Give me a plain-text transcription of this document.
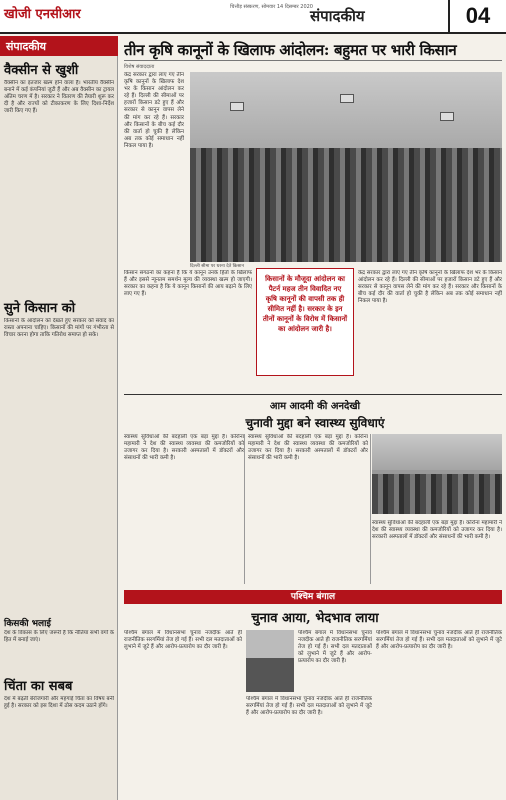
खोजी एनसीआर	चित्तौड़ संस्करण, सोमवार 14 दिसम्बर 2020
संपादकीय	04
संपादकीय
वैक्सीन से खुशी
वैक्सीन का इंतजार खत्म होने वाला है। भारतीय वैक्सीन बनाने में कई कंपनियां जुटी हैं और अब वैक्सीन का ट्रायल अंतिम चरण में है। सरकार ने वितरण की तैयारी शुरू कर दी है और राज्यों को टीकाकरण के लिए दिशा-निर्देश जारी किए गए हैं।
सुने किसान को
किसानों के आंदोलन को देखते हुए सरकार को संवाद का रास्ता अपनाना चाहिए। किसानों की मांगों पर गंभीरता से विचार करना होगा ताकि गतिरोध समाप्त हो सके।
किसकी भलाई
देश के विकास के लिए जरूरी है कि नीतियां सभी वर्गों के हित में बनाई जाएं।
चिंता का सबब
देश में बढ़ती बेरोजगारी और महंगाई चिंता का विषय बनी हुई है। सरकार को इस दिशा में ठोस कदम उठाने होंगे।
तीन कृषि कानूनों के खिलाफ आंदोलन: बहुमत पर भारी किसान
विशेष संवाददाता
केंद्र सरकार द्वारा लाए गए तीन कृषि कानूनों के खिलाफ देश भर के किसान आंदोलन कर रहे हैं। दिल्ली की सीमाओं पर हजारों किसान डटे हुए हैं और सरकार से कानून वापस लेने की मांग कर रहे हैं। सरकार और किसानों के बीच कई दौर की वार्ता हो चुकी है लेकिन अब तक कोई समाधान नहीं निकल पाया है।
दिल्ली सीमा पर धरना देते किसान
किसान संगठनों का कहना है कि ये कानून उनके हितों के खिलाफ हैं और इससे न्यूनतम समर्थन मूल्य की व्यवस्था खत्म हो जाएगी। सरकार का कहना है कि ये कानून किसानों की आय बढ़ाने के लिए लाए गए हैं।
किसानों के मौजूदा आंदोलन का पैटर्न महज तीन विवादित नए कृषि कानूनों की वापसी तक ही सीमित नहीं है। सरकार के इन तीनों कानूनों के विरोध में किसानों का आंदोलन जारी है।
केंद्र सरकार द्वारा लाए गए तीन कृषि कानूनों के खिलाफ देश भर के किसान आंदोलन कर रहे हैं। दिल्ली की सीमाओं पर हजारों किसान डटे हुए हैं और सरकार से कानून वापस लेने की मांग कर रहे हैं। सरकार और किसानों के बीच कई दौर की वार्ता हो चुकी है लेकिन अब तक कोई समाधान नहीं निकल पाया है।
आम आदमी की अनदेखी
चुनावी मुद्दा बने स्वास्थ्य सुविधाएं
स्वास्थ्य सुविधाओं की बदहाली एक बड़ा मुद्दा है। कोरोना महामारी ने देश की स्वास्थ्य व्यवस्था की कमजोरियों को उजागर कर दिया है। सरकारी अस्पतालों में डॉक्टरों और संसाधनों की भारी कमी है।
स्वास्थ्य सुविधाओं की बदहाली एक बड़ा मुद्दा है। कोरोना महामारी ने देश की स्वास्थ्य व्यवस्था की कमजोरियों को उजागर कर दिया है। सरकारी अस्पतालों में डॉक्टरों और संसाधनों की भारी कमी है।
स्वास्थ्य सुविधाओं की बदहाली एक बड़ा मुद्दा है। कोरोना महामारी ने देश की स्वास्थ्य व्यवस्था की कमजोरियों को उजागर कर दिया है। सरकारी अस्पतालों में डॉक्टरों और संसाधनों की भारी कमी है।
पश्चिम बंगाल
चुनाव आया, भेदभाव लाया
पश्चिम बंगाल में विधानसभा चुनाव नजदीक आते ही राजनीतिक सरगर्मियां तेज हो गई हैं। सभी दल मतदाताओं को लुभाने में जुटे हैं और आरोप-प्रत्यारोप का दौर जारी है।
पश्चिम बंगाल में विधानसभा चुनाव नजदीक आते ही राजनीतिक सरगर्मियां तेज हो गई हैं। सभी दल मतदाताओं को लुभाने में जुटे हैं और आरोप-प्रत्यारोप का दौर जारी है।
पश्चिम बंगाल में विधानसभा चुनाव नजदीक आते ही राजनीतिक सरगर्मियां तेज हो गई हैं। सभी दल मतदाताओं को लुभाने में जुटे हैं और आरोप-प्रत्यारोप का दौर जारी है।
पश्चिम बंगाल में विधानसभा चुनाव नजदीक आते ही राजनीतिक सरगर्मियां तेज हो गई हैं। सभी दल मतदाताओं को लुभाने में जुटे हैं और आरोप-प्रत्यारोप का दौर जारी है।
